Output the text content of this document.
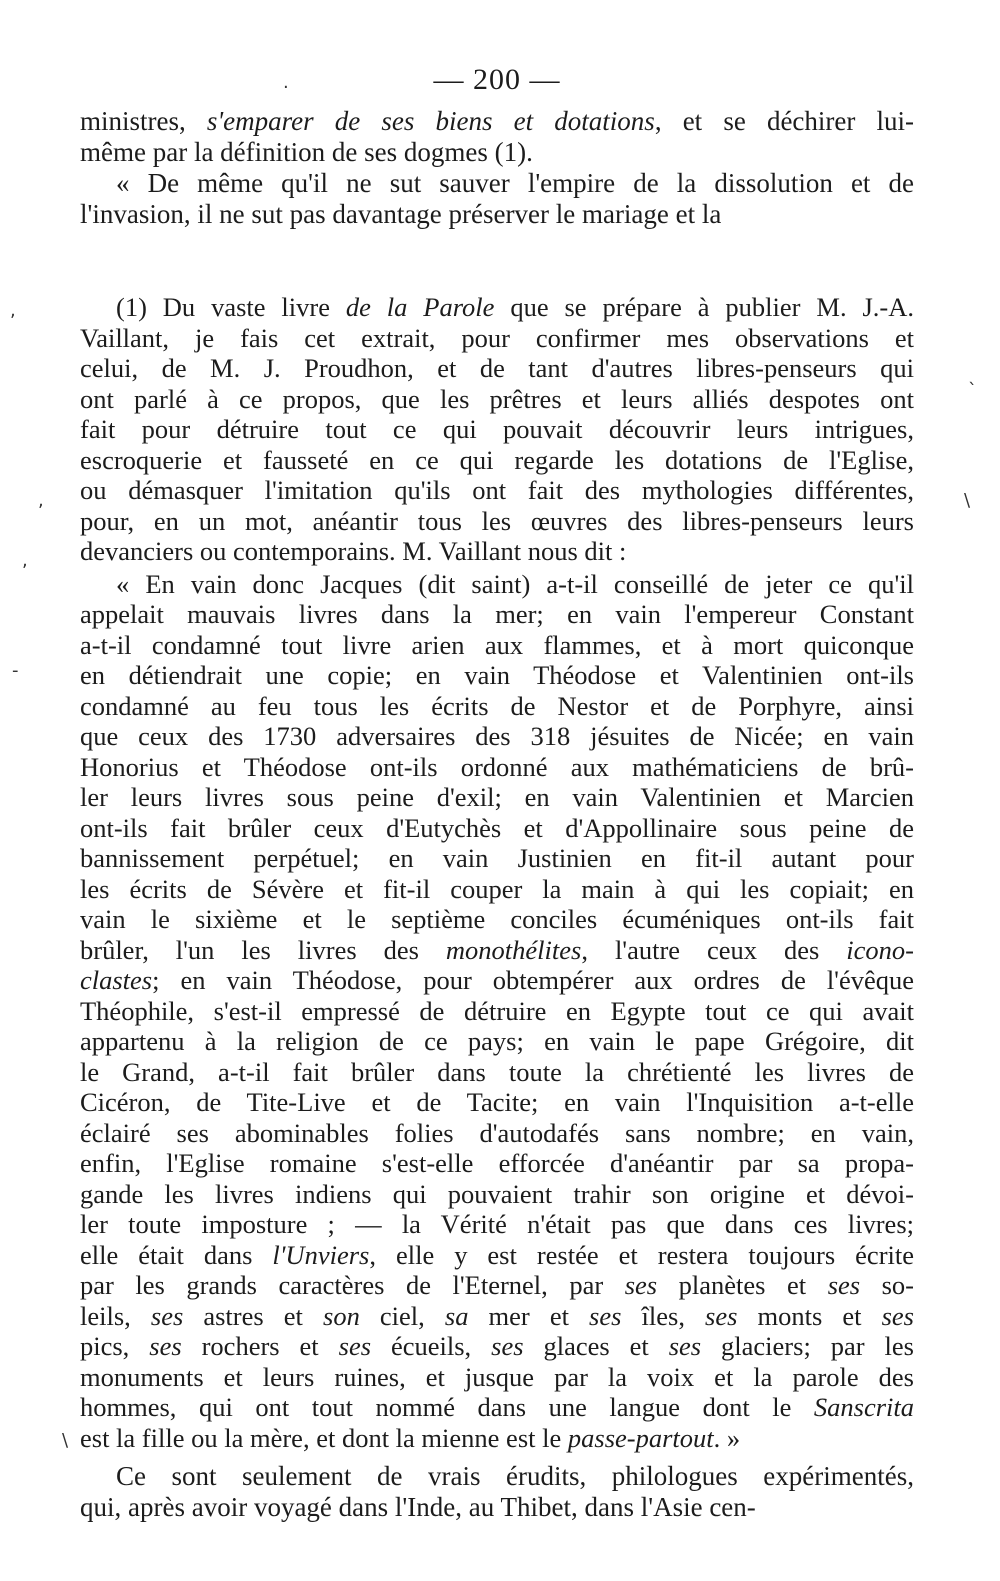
— 200 —
ministres, s'emparer de ses biens et dotations, et se déchirer lui-
même par la définition de ses dogmes (1).
« De même qu'il ne sut sauver l'empire de la dissolution et de
l'invasion, il ne sut pas davantage préserver le mariage et la
(1) Du vaste livre de la Parole que se prépare à publier M. J.-A.
Vaillant, je fais cet extrait, pour confirmer mes observations et
celui, de M. J. Proudhon, et de tant d'autres libres-penseurs qui
ont parlé à ce propos, que les prêtres et leurs alliés despotes ont
fait pour détruire tout ce qui pouvait découvrir leurs intrigues,
escroquerie et fausseté en ce qui regarde les dotations de l'Eglise,
ou démasquer l'imitation qu'ils ont fait des mythologies différentes,
pour, en un mot, anéantir tous les œuvres des libres-penseurs leurs
devanciers ou contemporains. M. Vaillant nous dit :
« En vain donc Jacques (dit saint) a-t-il conseillé de jeter ce qu'il
appelait mauvais livres dans la mer; en vain l'empereur Constant
a-t-il condamné tout livre arien aux flammes, et à mort quiconque
en détiendrait une copie; en vain Théodose et Valentinien ont-ils
condamné au feu tous les écrits de Nestor et de Porphyre, ainsi
que ceux des 1730 adversaires des 318 jésuites de Nicée; en vain
Honorius et Théodose ont-ils ordonné aux mathématiciens de brû-
ler leurs livres sous peine d'exil; en vain Valentinien et Marcien
ont-ils fait brûler ceux d'Eutychès et d'Appollinaire sous peine de
bannissement perpétuel; en vain Justinien en fit-il autant pour
les écrits de Sévère et fit-il couper la main à qui les copiait; en
vain le sixième et le septième conciles écuméniques ont-ils fait
brûler, l'un les livres des monothélites, l'autre ceux des icono-
clastes; en vain Théodose, pour obtempérer aux ordres de l'évêque
Théophile, s'est-il empressé de détruire en Egypte tout ce qui avait
appartenu à la religion de ce pays; en vain le pape Grégoire, dit
le Grand, a-t-il fait brûler dans toute la chrétienté les livres de
Cicéron, de Tite-Live et de Tacite; en vain l'Inquisition a-t-elle
éclairé ses abominables folies d'autodafés sans nombre; en vain,
enfin, l'Eglise romaine s'est-elle efforcée d'anéantir par sa propa-
gande les livres indiens qui pouvaient trahir son origine et dévoi-
ler toute imposture ; — la Vérité n'était pas que dans ces livres;
elle était dans l'Unviers, elle y est restée et restera toujours écrite
par les grands caractères de l'Eternel, par ses planètes et ses so-
leils, ses astres et son ciel, sa mer et ses îles, ses monts et ses
pics, ses rochers et ses écueils, ses glaces et ses glaciers; par les
monuments et leurs ruines, et jusque par la voix et la parole des
hommes, qui ont tout nommé dans une langue dont le Sanscrita
est la fille ou la mère, et dont la mienne est le passe-partout. »
Ce sont seulement de vrais érudits, philologues expérimentés,
qui, après avoir voyagé dans l'Inde, au Thibet, dans l'Asie cen-
.
,
`
,	\
,
-
\
